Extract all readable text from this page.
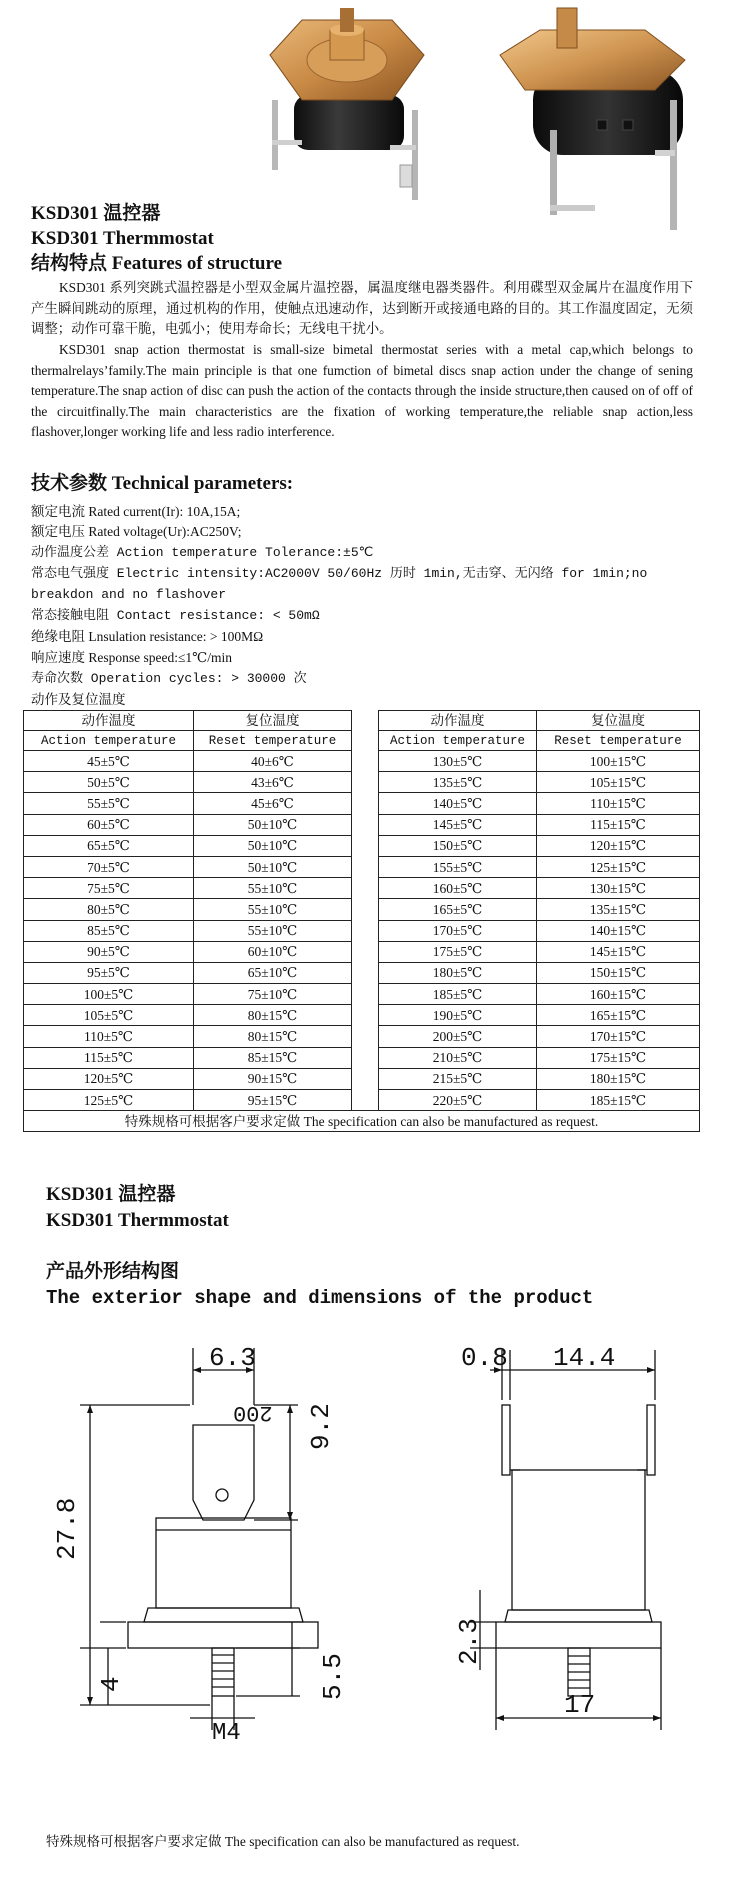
KSD301 温控器
KSD301 Thermmostat
结构特点 Features of structure
KSD301 系列突跳式温控器是小型双金属片温控器，属温度继电器类器件。利用碟型双金属片在温度作用下产生瞬间跳动的原理，通过机构的作用，使触点迅速动作，达到断开或接通电路的目的。其工作温度固定，无须调整；动作可靠干脆，电弧小；使用寿命长；无线电干扰小。
KSD301 snap action thermostat is small-size bimetal thermostat series with a metal cap,which belongs to thermalrelays’family.The main principle is that one fumction of bimetal discs snap action under the change of sening temperature.The snap action of disc can push the action of the contacts through the inside structure,then caused on of off of the circuitfinally.The main characteristics are the fixation of working temperature,the reliable snap action,less flashover,longer working life and less radio interference.
技术参数 Technical parameters:
额定电流 Rated current(Ir): 10A,15A;
额定电压 Rated voltage(Ur):AC250V;
动作温度公差 Action temperature Tolerance:±5℃
常态电气强度 Electric intensity:AC2000V 50/60Hz 历时 1min,无击穿、无闪络 for 1min;no breakdon and no flashover
常态接触电阻 Contact resistance: < 50mΩ
绝缘电阻 Lnsulation resistance: > 100MΩ
响应速度 Response speed:≤1℃/min
寿命次数 Operation cycles: > 30000 次
动作及复位温度
动作温度	复位温度		动作温度	复位温度
Action temperature	Reset temperature		Action temperature	Reset temperature
45±5℃	40±6℃		130±5℃	100±15℃
50±5℃	43±6℃		135±5℃	105±15℃
55±5℃	45±6℃		140±5℃	110±15℃
60±5℃	50±10℃		145±5℃	115±15℃
65±5℃	50±10℃		150±5℃	120±15℃
70±5℃	50±10℃		155±5℃	125±15℃
75±5℃	55±10℃		160±5℃	130±15℃
80±5℃	55±10℃		165±5℃	135±15℃
85±5℃	55±10℃		170±5℃	140±15℃
90±5℃	60±10℃		175±5℃	145±15℃
95±5℃	65±10℃		180±5℃	150±15℃
100±5℃	75±10℃		185±5℃	160±15℃
105±5℃	80±15℃		190±5℃	165±15℃
110±5℃	80±15℃		200±5℃	170±15℃
115±5℃	85±15℃		210±5℃	175±15℃
120±5℃	90±15℃		215±5℃	180±15℃
125±5℃	95±15℃		220±5℃	185±15℃
特殊规格可根据客户要求定做 The specification can also be manufactured as request.				
KSD301 温控器
KSD301 Thermmostat
产品外形结构图
The exterior shape and dimensions of the product
6.3
9.2
27.8
4	5.5
M4
200
0.8 14.4
2.3
17
特殊规格可根据客户要求定做 The specification can also be manufactured as request.
